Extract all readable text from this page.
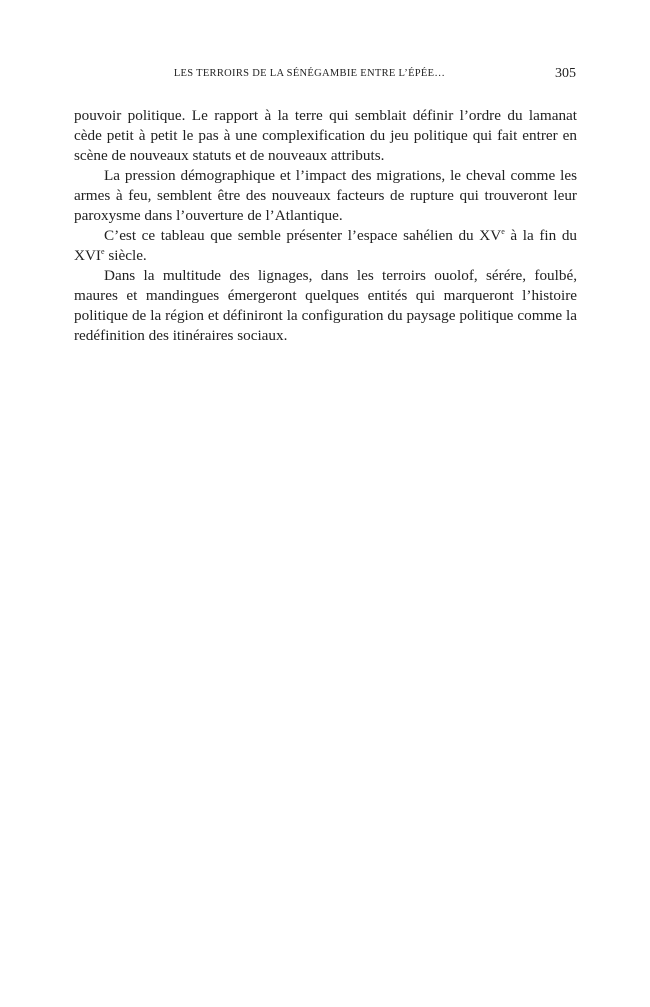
LES TERROIRS DE LA SÉNÉGAMBIE ENTRE L’ÉPÉE…	305

pouvoir politique. Le rapport à la terre qui semblait définir l’ordre du lamanat cède petit à petit le pas à une complexification du jeu politique qui fait entrer en scène de nouveaux statuts et de nouveaux attributs.

La pression démographique et l’impact des migrations, le cheval comme les armes à feu, semblent être des nouveaux facteurs de rupture qui trouveront leur paroxysme dans l’ouverture de l’Atlantique.

C’est ce tableau que semble présenter l’espace sahélien du XVe à la fin du XVIe siècle.

Dans la multitude des lignages, dans les terroirs ouolof, sérére, foulbé, maures et mandingues émergeront quelques entités qui marqueront l’histoire politique de la région et définiront la configuration du paysage politique comme la redéfinition des itinéraires sociaux.
